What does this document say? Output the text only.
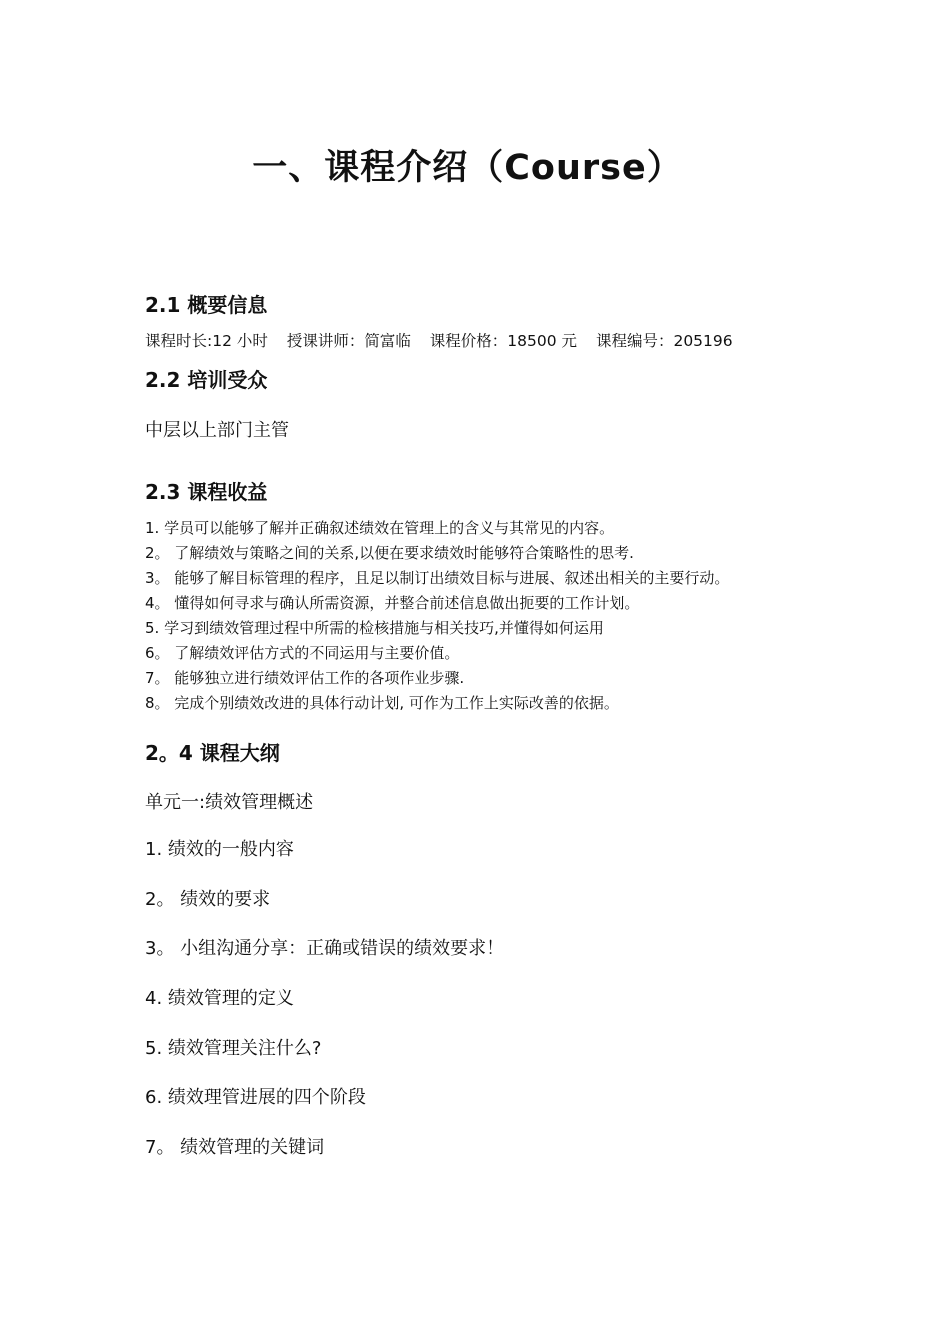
一、课程介绍（Course）
2.1 概要信息
课程时长:12 小时 授课讲师：简富临 课程价格：18500 元 课程编号：205196
2.2 培训受众
中层以上部门主管
2.3 课程收益
1. 学员可以能够了解并正确叙述绩效在管理上的含义与其常见的内容。
2。 了解绩效与策略之间的关系,以便在要求绩效时能够符合策略性的思考.
3。 能够了解目标管理的程序，且足以制订出绩效目标与进展、叙述出相关的主要行动。
4。 懂得如何寻求与确认所需资源，并整合前述信息做出扼要的工作计划。
5. 学习到绩效管理过程中所需的检核措施与相关技巧,并懂得如何运用
6。 了解绩效评估方式的不同运用与主要价值。
7。 能够独立进行绩效评估工作的各项作业步骤.
8。 完成个别绩效改进的具体行动计划, 可作为工作上实际改善的依据。
2。4 课程大纲
单元一:绩效管理概述
1. 绩效的一般内容
2。 绩效的要求
3。 小组沟通分享：正确或错误的绩效要求！
4. 绩效管理的定义
5. 绩效管理关注什么?
6. 绩效理管进展的四个阶段
7。 绩效管理的关键词
